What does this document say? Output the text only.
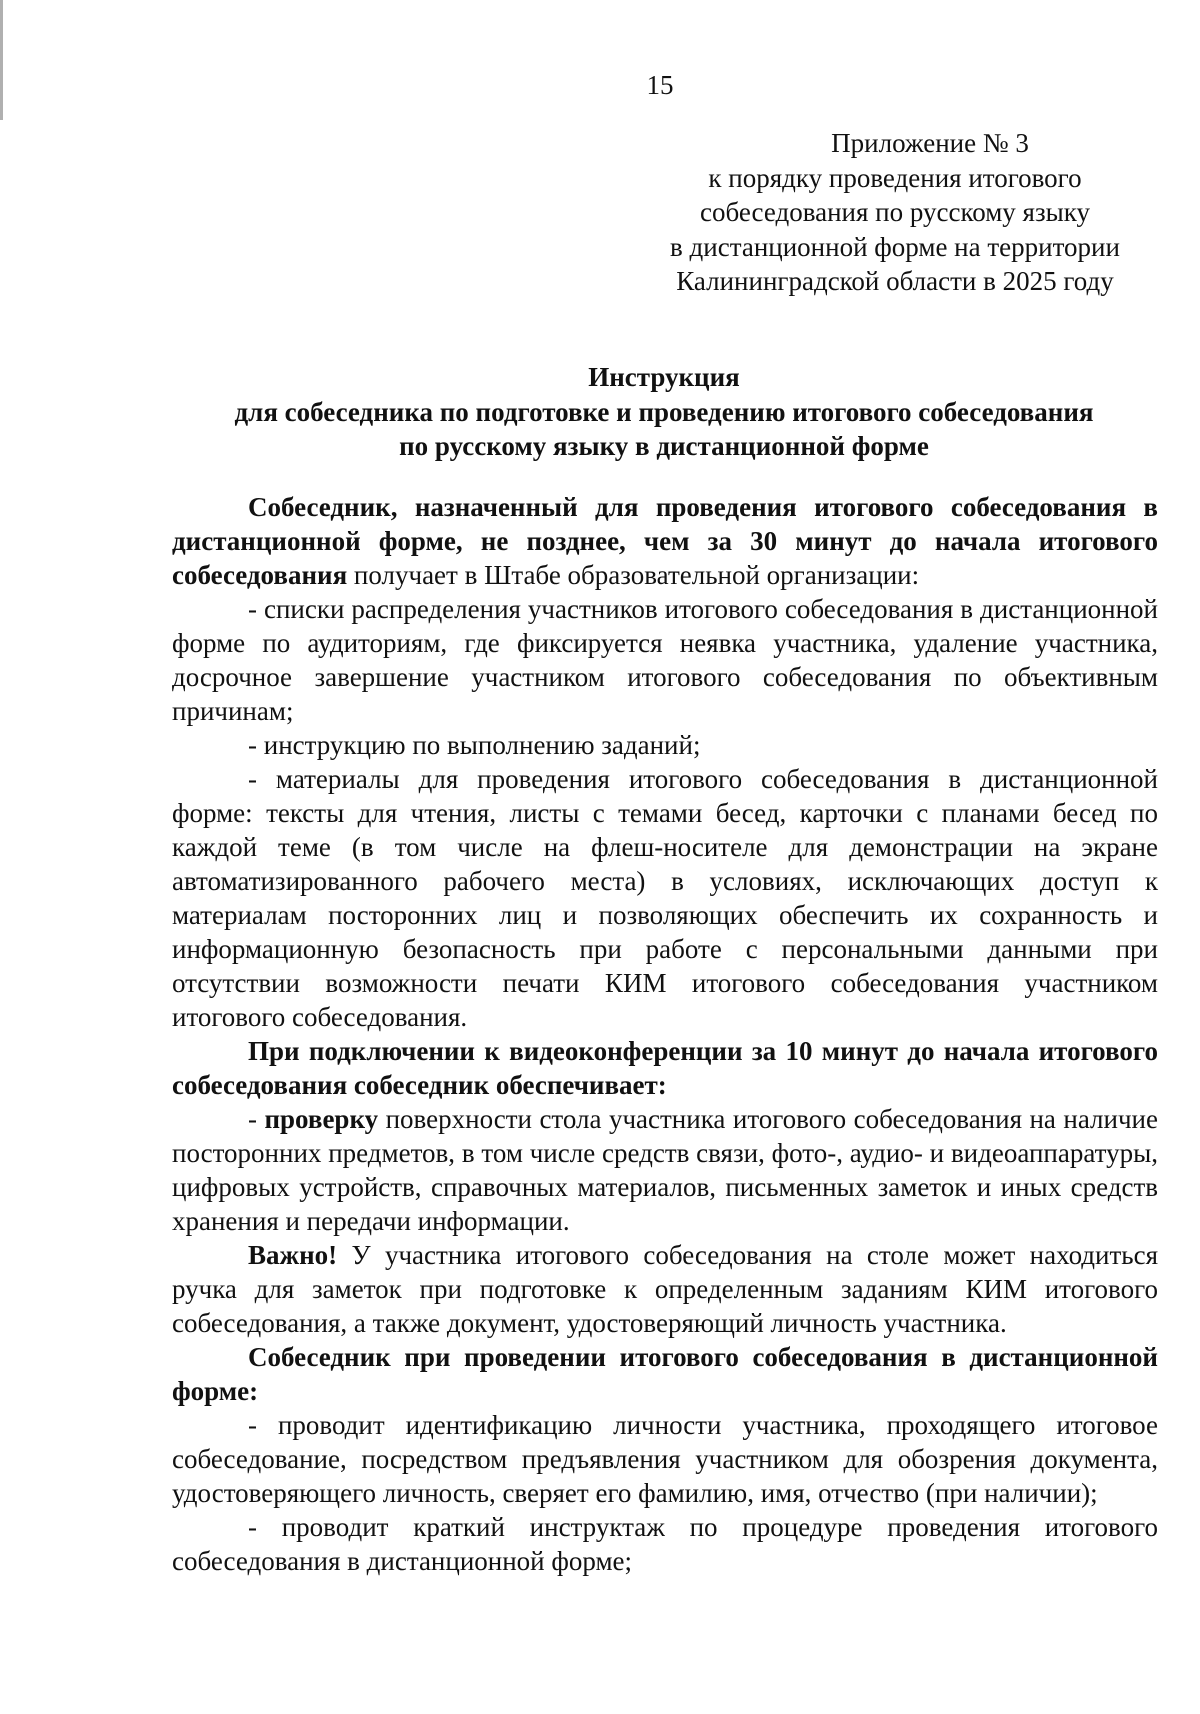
15
Приложение № 3
к порядку проведения итогового
собеседования по русскому языку
в дистанционной форме на территории
Калининградской области в 2025 году
Инструкция
для собеседника по подготовке и проведению итогового собеседования
по русскому языку в дистанционной форме

Собеседник, назначенный для проведения итогового собеседования в дистанционной форме, не позднее, чем за 30 минут до начала итогового собеседования получает в Штабе образовательной организации:

- списки распределения участников итогового собеседования в дистанционной форме по аудиториям, где фиксируется неявка участника, удаление участника, досрочное завершение участником итогового собеседования по объективным причинам;

- инструкцию по выполнению заданий;

- материалы для проведения итогового собеседования в дистанционной форме: тексты для чтения, листы с темами бесед, карточки с планами бесед по каждой теме (в том числе на флеш-носителе для демонстрации на экране автоматизированного рабочего места) в условиях, исключающих доступ к материалам посторонних лиц и позволяющих обеспечить их сохранность и информационную безопасность при работе с персональными данными при отсутствии возможности печати КИМ итогового собеседования участником итогового собеседования.

При подключении к видеоконференции за 10 минут до начала итогового собеседования собеседник обеспечивает:

- проверку поверхности стола участника итогового собеседования на наличие посторонних предметов, в том числе средств связи, фото-, аудио- и видеоаппаратуры, цифровых устройств, справочных материалов, письменных заметок и иных средств хранения и передачи информации.

Важно! У участника итогового собеседования на столе может находиться ручка для заметок при подготовке к определенным заданиям КИМ итогового собеседования, а также документ, удостоверяющий личность участника.

Собеседник при проведении итогового собеседования в дистанционной форме:

- проводит идентификацию личности участника, проходящего итоговое собеседование, посредством предъявления участником для обозрения документа, удостоверяющего личность, сверяет его фамилию, имя, отчество (при наличии);

- проводит краткий инструктаж по процедуре проведения итогового собеседования в дистанционной форме;
